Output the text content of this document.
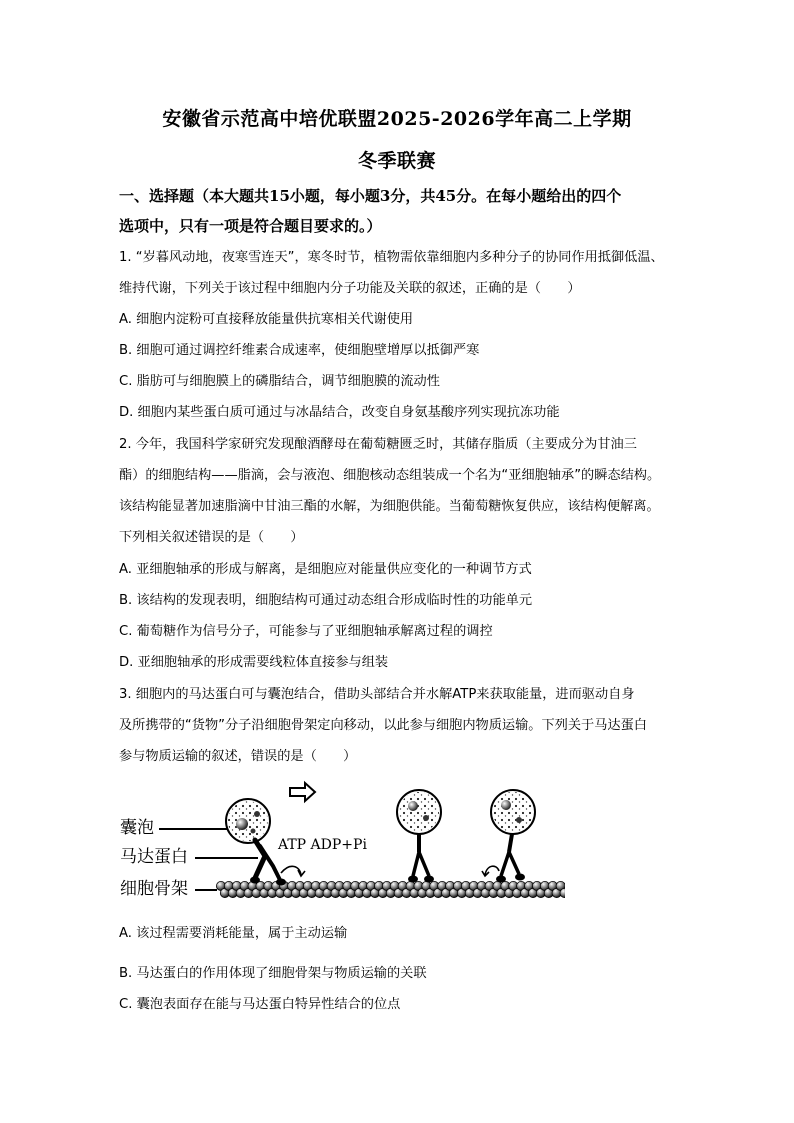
安徽省示范高中培优联盟2025-2026学年高二上学期
冬季联赛
一、选择题（本大题共15小题，每小题3分，共45分。在每小题给出的四个
选项中，只有一项是符合题目要求的。）
1. “岁暮风动地，夜寒雪连天”，寒冬时节，植物需依靠细胞内多种分子的协同作用抵御低温、
维持代谢，下列关于该过程中细胞内分子功能及关联的叙述，正确的是（　　）
A. 细胞内淀粉可直接释放能量供抗寒相关代谢使用
B. 细胞可通过调控纤维素合成速率，使细胞壁增厚以抵御严寒
C. 脂肪可与细胞膜上的磷脂结合，调节细胞膜的流动性
D. 细胞内某些蛋白质可通过与冰晶结合，改变自身氨基酸序列实现抗冻功能
2. 今年，我国科学家研究发现酿酒酵母在葡萄糖匮乏时，其储存脂质（主要成分为甘油三
酯）的细胞结构——脂滴，会与液泡、细胞核动态组装成一个名为“亚细胞轴承”的瞬态结构。
该结构能显著加速脂滴中甘油三酯的水解，为细胞供能。当葡萄糖恢复供应，该结构便解离。
下列相关叙述错误的是（　　）
A. 亚细胞轴承的形成与解离，是细胞应对能量供应变化的一种调节方式
B. 该结构的发现表明，细胞结构可通过动态组合形成临时性的功能单元
C. 葡萄糖作为信号分子，可能参与了亚细胞轴承解离过程的调控
D. 亚细胞轴承的形成需要线粒体直接参与组装
3. 细胞内的马达蛋白可与囊泡结合，借助头部结合并水解ATP来获取能量，进而驱动自身
及所携带的“货物”分子沿细胞骨架定向移动，以此参与细胞内物质运输。下列关于马达蛋白
参与物质运输的叙述，错误的是（　　）
ATP ADP+Pi
囊泡
马达蛋白
细胞骨架
A. 该过程需要消耗能量，属于主动运输
B. 马达蛋白的作用体现了细胞骨架与物质运输的关联
C. 囊泡表面存在能与马达蛋白特异性结合的位点
